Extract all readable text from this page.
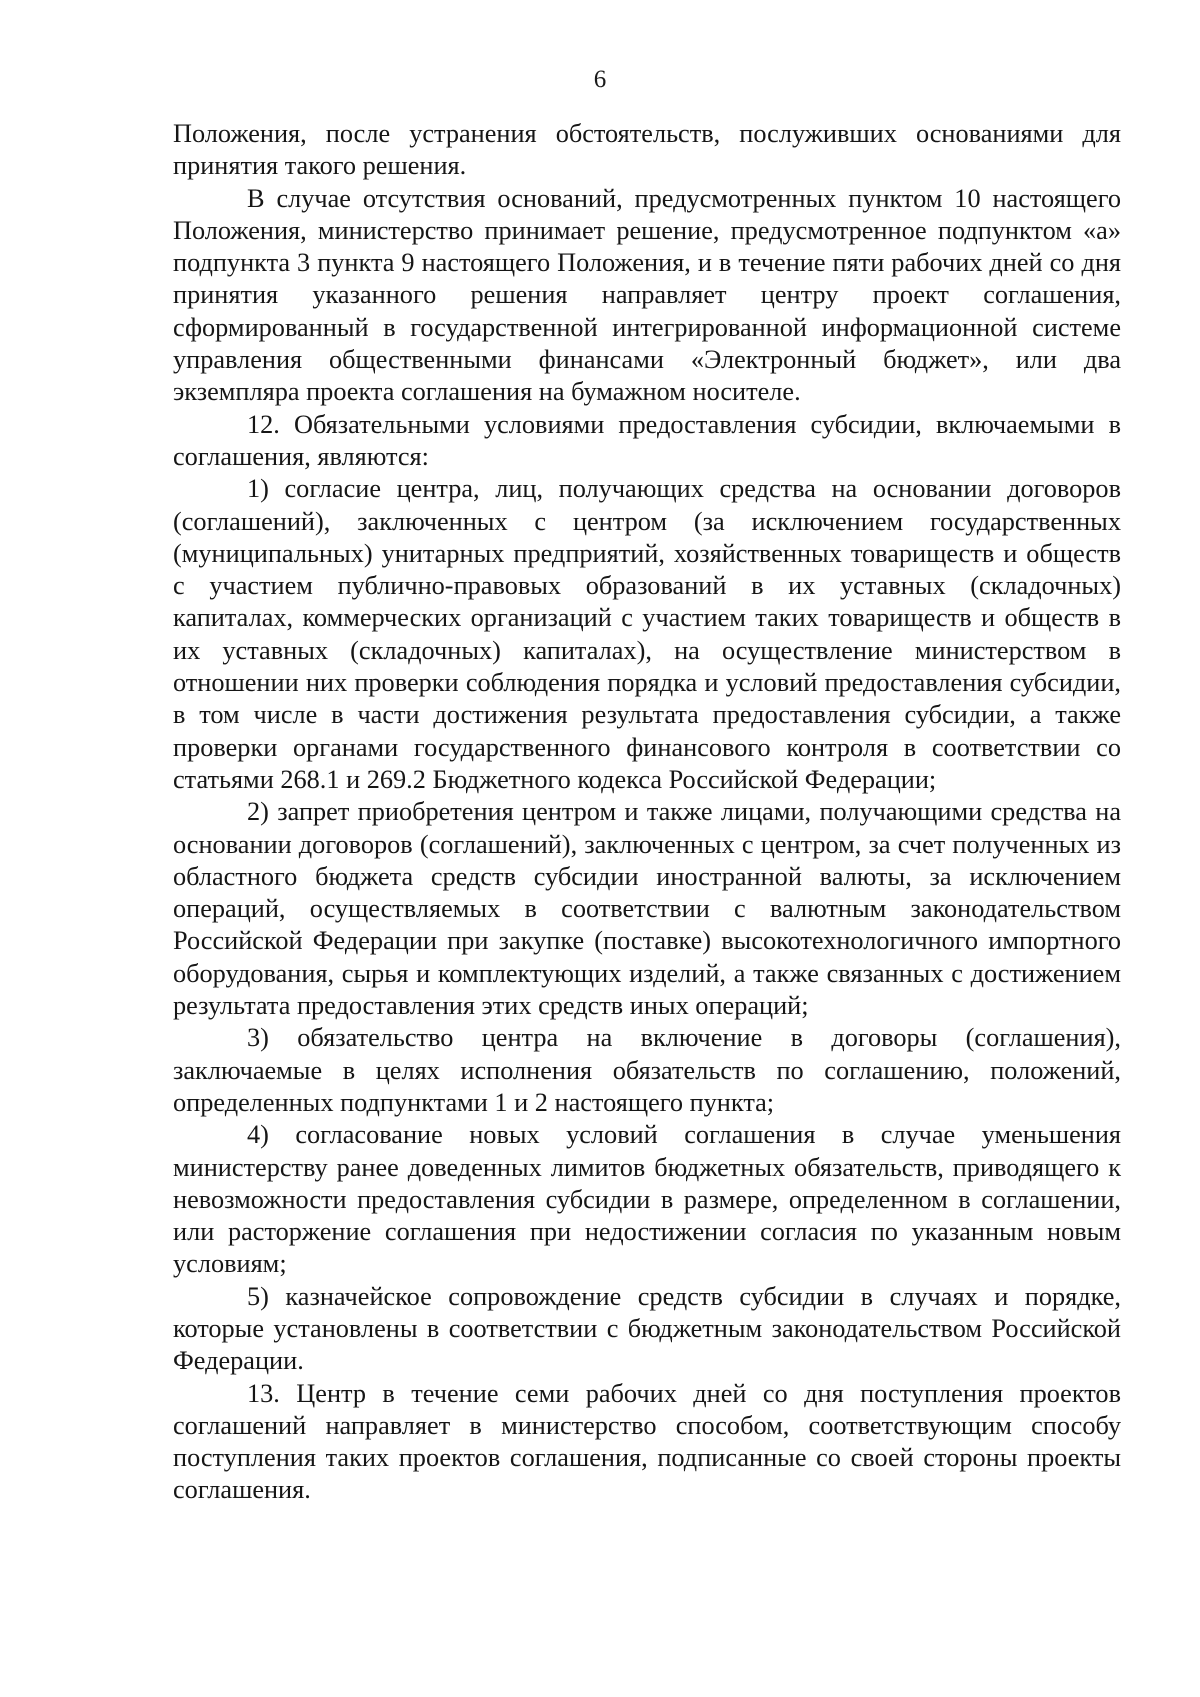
6

Положения, после устранения обстоятельств, послуживших основаниями для принятия такого решения.

В случае отсутствия оснований, предусмотренных пунктом 10 настоящего Положения, министерство принимает решение, предусмотренное подпунктом «а» подпункта 3 пункта 9 настоящего Положения, и в течение пяти рабочих дней со дня принятия указанного решения направляет центру проект соглашения, сформированный в государственной интегрированной информационной системе управления общественными финансами «Электронный бюджет», или два экземпляра проекта соглашения на бумажном носителе.

12. Обязательными условиями предоставления субсидии, включаемыми в соглашения, являются:

1) согласие центра, лиц, получающих средства на основании договоров (соглашений), заключенных с центром (за исключением государственных (муниципальных) унитарных предприятий, хозяйственных товариществ и обществ с участием публично-правовых образований в их уставных (складочных) капиталах, коммерческих организаций с участием таких товариществ и обществ в их уставных (складочных) капиталах), на осуществление министерством в отношении них проверки соблюдения порядка и условий предоставления субсидии, в том числе в части достижения результата предоставления субсидии, а также проверки органами государственного финансового контроля в соответствии со статьями 268.1 и 269.2 Бюджетного кодекса Российской Федерации;

2) запрет приобретения центром и также лицами, получающими средства на основании договоров (соглашений), заключенных с центром, за счет полученных из областного бюджета средств субсидии иностранной валюты, за исключением операций, осуществляемых в соответствии с валютным законодательством Российской Федерации при закупке (поставке) высокотехнологичного импортного оборудования, сырья и комплектующих изделий, а также связанных с достижением результата предоставления этих средств иных операций;

3) обязательство центра на включение в договоры (соглашения), заключаемые в целях исполнения обязательств по соглашению, положений, определенных подпунктами 1 и 2 настоящего пункта;

4) согласование новых условий соглашения в случае уменьшения министерству ранее доведенных лимитов бюджетных обязательств, приводящего к невозможности предоставления субсидии в размере, определенном в соглашении, или расторжение соглашения при недостижении согласия по указанным новым условиям;

5) казначейское сопровождение средств субсидии в случаях и порядке, которые установлены в соответствии с бюджетным законодательством Российской Федерации.

13. Центр в течение семи рабочих дней со дня поступления проектов соглашений направляет в министерство способом, соответствующим способу поступления таких проектов соглашения, подписанные со своей стороны проекты соглашения.
